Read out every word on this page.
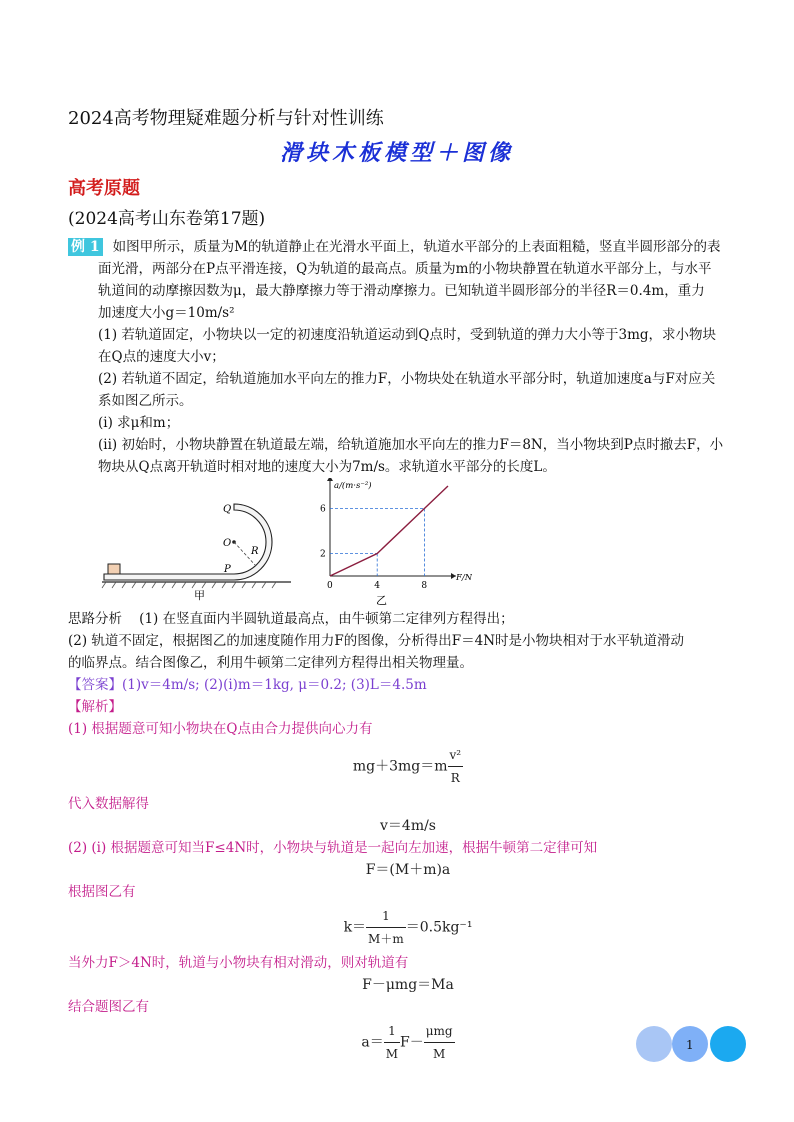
2024高考物理疑难题分析与针对性训练
滑块木板模型＋图像
高考原题
(2024高考山东卷第17题)

例 1 如图甲所示，质量为M的轨道静止在光滑水平面上，轨道水平部分的上表面粗糙，竖直半圆形部分的表

面光滑，两部分在P点平滑连接，Q为轨道的最高点。质量为m的小物块静置在轨道水平部分上，与水平

轨道间的动摩擦因数为μ，最大静摩擦力等于滑动摩擦力。已知轨道半圆形部分的半径R＝0.4m，重力

加速度大小g＝10m/s²

(1) 若轨道固定，小物块以一定的初速度沿轨道运动到Q点时，受到轨道的弹力大小等于3mg，求小物块

在Q点的速度大小v；

(2) 若轨道不固定，给轨道施加水平向左的推力F，小物块处在轨道水平部分时，轨道加速度a与F对应关

系如图乙所示。

(i) 求μ和m；

(ii) 初始时，小物块静置在轨道最左端，给轨道施加水平向左的推力F＝8N，当小物块到P点时撤去F，小

物块从Q点离开轨道时相对地的速度大小为7m/s。求轨道水平部分的长度L。

Q
O
R
P
甲
0	4	8
2
6
a/(m·s⁻²)
F/N
乙

思路分析 (1) 在竖直面内半圆轨道最高点，由牛顿第二定律列方程得出；

(2) 轨道不固定，根据图乙的加速度随作用力F的图像，分析得出F＝4N时是小物块相对于水平轨道滑动

的临界点。结合图像乙，利用牛顿第二定律列方程得出相关物理量。

【答案】(1)v＝4m/s; (2)(i)m＝1kg, μ＝0.2; (3)L＝4.5m

【解析】

(1) 根据题意可知小物块在Q点由合力提供向心力有

$mg+3mg=m \frac{\text{v²}}{R}$

代入数据解得

v＝4m/s

(2) (i) 根据题意可知当F≤4N时，小物块与轨道是一起向左加速，根据牛顿第二定律可知

F＝(M＋m)a

根据图乙有

$k= \frac{1}{M+m} =0.5kg^{-1}$

当外力F＞4N时，轨道与小物块有相对滑动，则对轨道有

F－μmg＝Ma

结合题图乙有

$a= \frac{1}{M} F- \frac{\text{μmg}}{M}$	1
